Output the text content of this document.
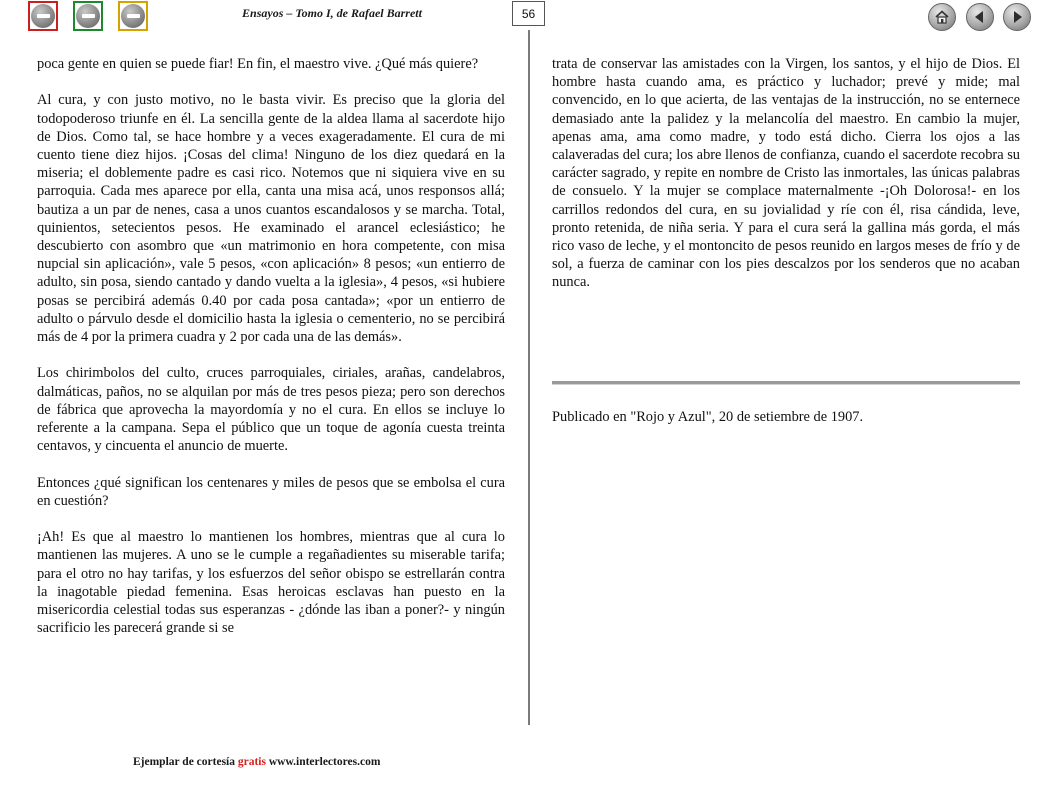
Ensayos – Tomo I, de Rafael Barrett	56

poca gente en quien se puede fiar! En fin, el maestro vive. ¿Qué más quiere?

Al cura, y con justo motivo, no le basta vivir. Es preciso que la gloria del todopoderoso triunfe en él. La sencilla gente de la aldea llama al sacerdote hijo de Dios. Como tal, se hace hombre y a veces exageradamente. El cura de mi cuento tiene diez hijos. ¡Cosas del clima! Ninguno de los diez quedará en la miseria; el doblemente padre es casi rico. Notemos que ni siquiera vive en su parroquia. Cada mes aparece por ella, canta una misa acá, unos responsos allá; bautiza a un par de nenes, casa a unos cuantos escandalosos y se marcha. Total, quinientos, setecientos pesos. He examinado el arancel eclesiástico; he descubierto con asombro que «un matrimonio en hora competente, con misa nupcial sin aplicación», vale 5 pesos, «con aplicación» 8 pesos; «un entierro de adulto, sin posa, siendo cantado y dando vuelta a la iglesia», 4 pesos, «si hubiere posas se percibirá además 0.40 por cada posa cantada»; «por un entierro de adulto o párvulo desde el domicilio hasta la iglesia o cementerio, no se percibirá más de 4 por la primera cuadra y 2 por cada una de las demás».

Los chirimbolos del culto, cruces parroquiales, ciriales, arañas, candelabros, dalmáticas, paños, no se alquilan por más de tres pesos pieza; pero son derechos de fábrica que aprovecha la mayordomía y no el cura. En ellos se incluye lo referente a la campana. Sepa el público que un toque de agonía cuesta treinta centavos, y cincuenta el anuncio de muerte.

Entonces ¿qué significan los centenares y miles de pesos que se embolsa el cura en cuestión?

¡Ah! Es que al maestro lo mantienen los hombres, mientras que al cura lo mantienen las mujeres. A uno se le cumple a regañadientes su miserable tarifa; para el otro no hay tarifas, y los esfuerzos del señor obispo se estrellarán contra la inagotable piedad femenina. Esas heroicas esclavas han puesto en la misericordia celestial todas sus esperanzas - ¿dónde las iban a poner?- y ningún sacrificio les parecerá grande si se

trata de conservar las amistades con la Virgen, los santos, y el hijo de Dios. El hombre hasta cuando ama, es práctico y luchador; prevé y mide; mal convencido, en lo que acierta, de las ventajas de la instrucción, no se enternece demasiado ante la palidez y la melancolía del maestro. En cambio la mujer, apenas ama, ama como madre, y todo está dicho. Cierra los ojos a las calaveradas del cura; los abre llenos de confianza, cuando el sacerdote recobra su carácter sagrado, y repite en nombre de Cristo las inmortales, las únicas palabras de consuelo. Y la mujer se complace maternalmente -¡Oh Dolorosa!- en los carrillos redondos del cura, en su jovialidad y ríe con él, risa cándida, leve, pronto retenida, de niña seria. Y para el cura será la gallina más gorda, el más rico vaso de leche, y el montoncito de pesos reunido en largos meses de frío y de sol, a fuerza de caminar con los pies descalzos por los senderos que no acaban nunca.

Publicado en "Rojo y Azul", 20 de setiembre de 1907.
Ejemplar de cortesía gratis www.interlectores.com
